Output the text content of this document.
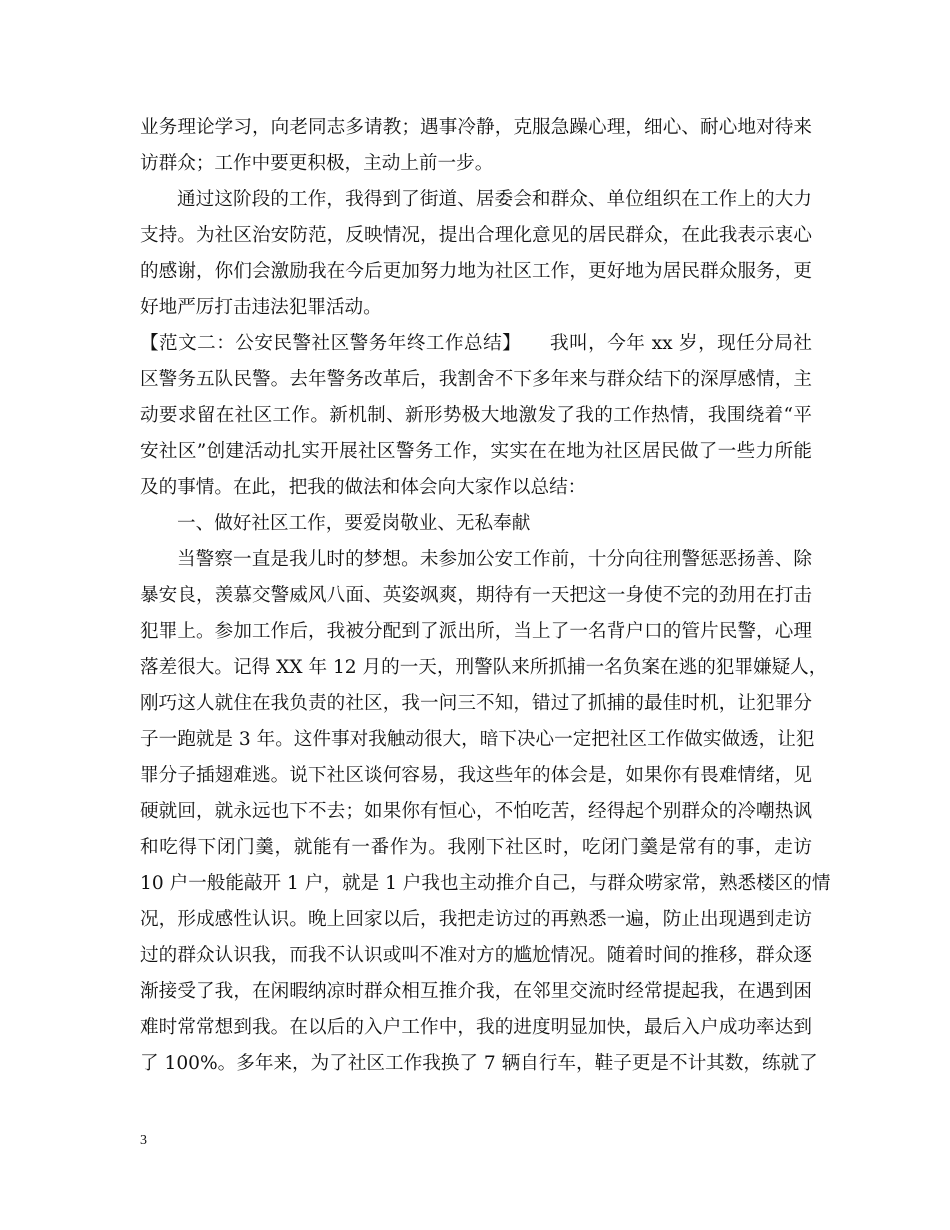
业务理论学习，向老同志多请教；遇事冷静，克服急躁心理，细心、耐心地对待来
访群众；工作中要更积极，主动上前一步。
通过这阶段的工作，我得到了街道、居委会和群众、单位组织在工作上的大力
支持。为社区治安防范，反映情况，提出合理化意见的居民群众，在此我表示衷心
的感谢，你们会激励我在今后更加努力地为社区工作，更好地为居民群众服务，更
好地严厉打击违法犯罪活动。
【范文二：公安民警社区警务年终工作总结】　　我叫，今年 xx 岁，现任分局社
区警务五队民警。去年警务改革后，我割舍不下多年来与群众结下的深厚感情，主
动要求留在社区工作。新机制、新形势极大地激发了我的工作热情，我围绕着“平
安社区”创建活动扎实开展社区警务工作，实实在在地为社区居民做了一些力所能
及的事情。在此，把我的做法和体会向大家作以总结：
一、做好社区工作，要爱岗敬业、无私奉献
当警察一直是我儿时的梦想。未参加公安工作前，十分向往刑警惩恶扬善、除
暴安良，羡慕交警威风八面、英姿飒爽，期待有一天把这一身使不完的劲用在打击
犯罪上。参加工作后，我被分配到了派出所，当上了一名背户口的管片民警，心理
落差很大。记得 XX 年 12 月的一天，刑警队来所抓捕一名负案在逃的犯罪嫌疑人，
刚巧这人就住在我负责的社区，我一问三不知，错过了抓捕的最佳时机，让犯罪分
子一跑就是 3 年。这件事对我触动很大，暗下决心一定把社区工作做实做透，让犯
罪分子插翅难逃。说下社区谈何容易，我这些年的体会是，如果你有畏难情绪，见
硬就回，就永远也下不去；如果你有恒心，不怕吃苦，经得起个别群众的冷嘲热讽
和吃得下闭门羹，就能有一番作为。我刚下社区时，吃闭门羹是常有的事，走访
10 户一般能敲开 1 户，就是 1 户我也主动推介自己，与群众唠家常，熟悉楼区的情
况，形成感性认识。晚上回家以后，我把走访过的再熟悉一遍，防止出现遇到走访
过的群众认识我，而我不认识或叫不准对方的尴尬情况。随着时间的推移，群众逐
渐接受了我，在闲暇纳凉时群众相互推介我，在邻里交流时经常提起我，在遇到困
难时常常想到我。在以后的入户工作中，我的进度明显加快，最后入户成功率达到
了 100%。多年来，为了社区工作我换了 7 辆自行车，鞋子更是不计其数，练就了
3
